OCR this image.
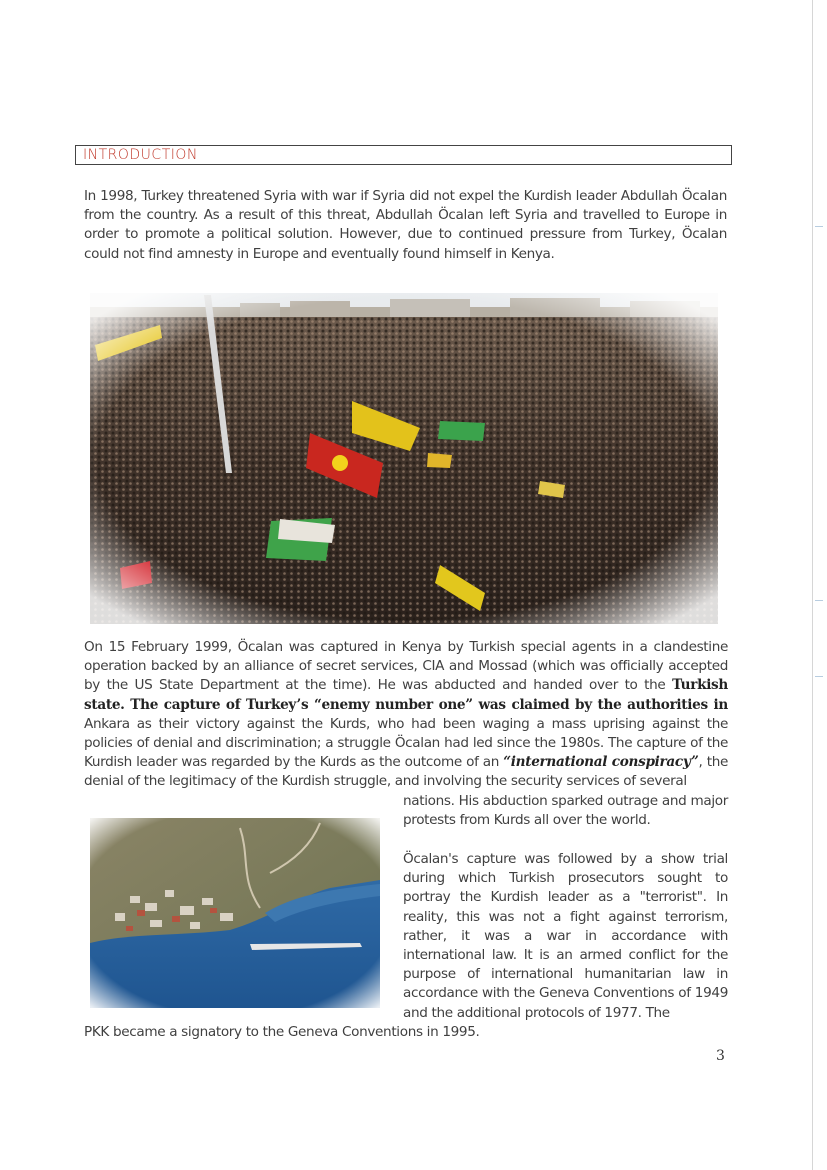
INTRODUCTION
In 1998, Turkey threatened Syria with war if Syria did not expel the Kurdish leader Abdullah Öcalan from the country. As a result of this threat, Abdullah Öcalan left Syria and travelled to Europe in order to promote a political solution. However, due to continued pressure from Turkey, Öcalan could not find amnesty in Europe and eventually found himself in Kenya.
On 15 February 1999, Öcalan was captured in Kenya by Turkish special agents in a clandestine operation backed by an alliance of secret services, CIA and Mossad (which was officially accepted by the US State Department at the time). He was abducted and handed over to the Turkish state. The capture of Turkey’s “enemy number one” was claimed by the authorities in Ankara as their victory against the Kurds, who had been waging a mass uprising against the policies of denial and discrimination; a struggle Öcalan had led since the 1980s. The capture of the Kurdish leader was regarded by the Kurds as the outcome of an “international conspiracy”, the denial of the legitimacy of the Kurdish struggle, and involving the security services of several
nations. His abduction sparked outrage and major protests from Kurds all over the world.
Öcalan's capture was followed by a show trial during which Turkish prosecutors sought to portray the Kurdish leader as a "terrorist". In reality, this was not a fight against terrorism, rather, it was a war in accordance with international law. It is an armed conflict for the purpose of international humanitarian law in accordance with the Geneva Conventions of 1949 and the additional protocols of 1977. The
PKK became a signatory to the Geneva Conventions in 1995.
3
